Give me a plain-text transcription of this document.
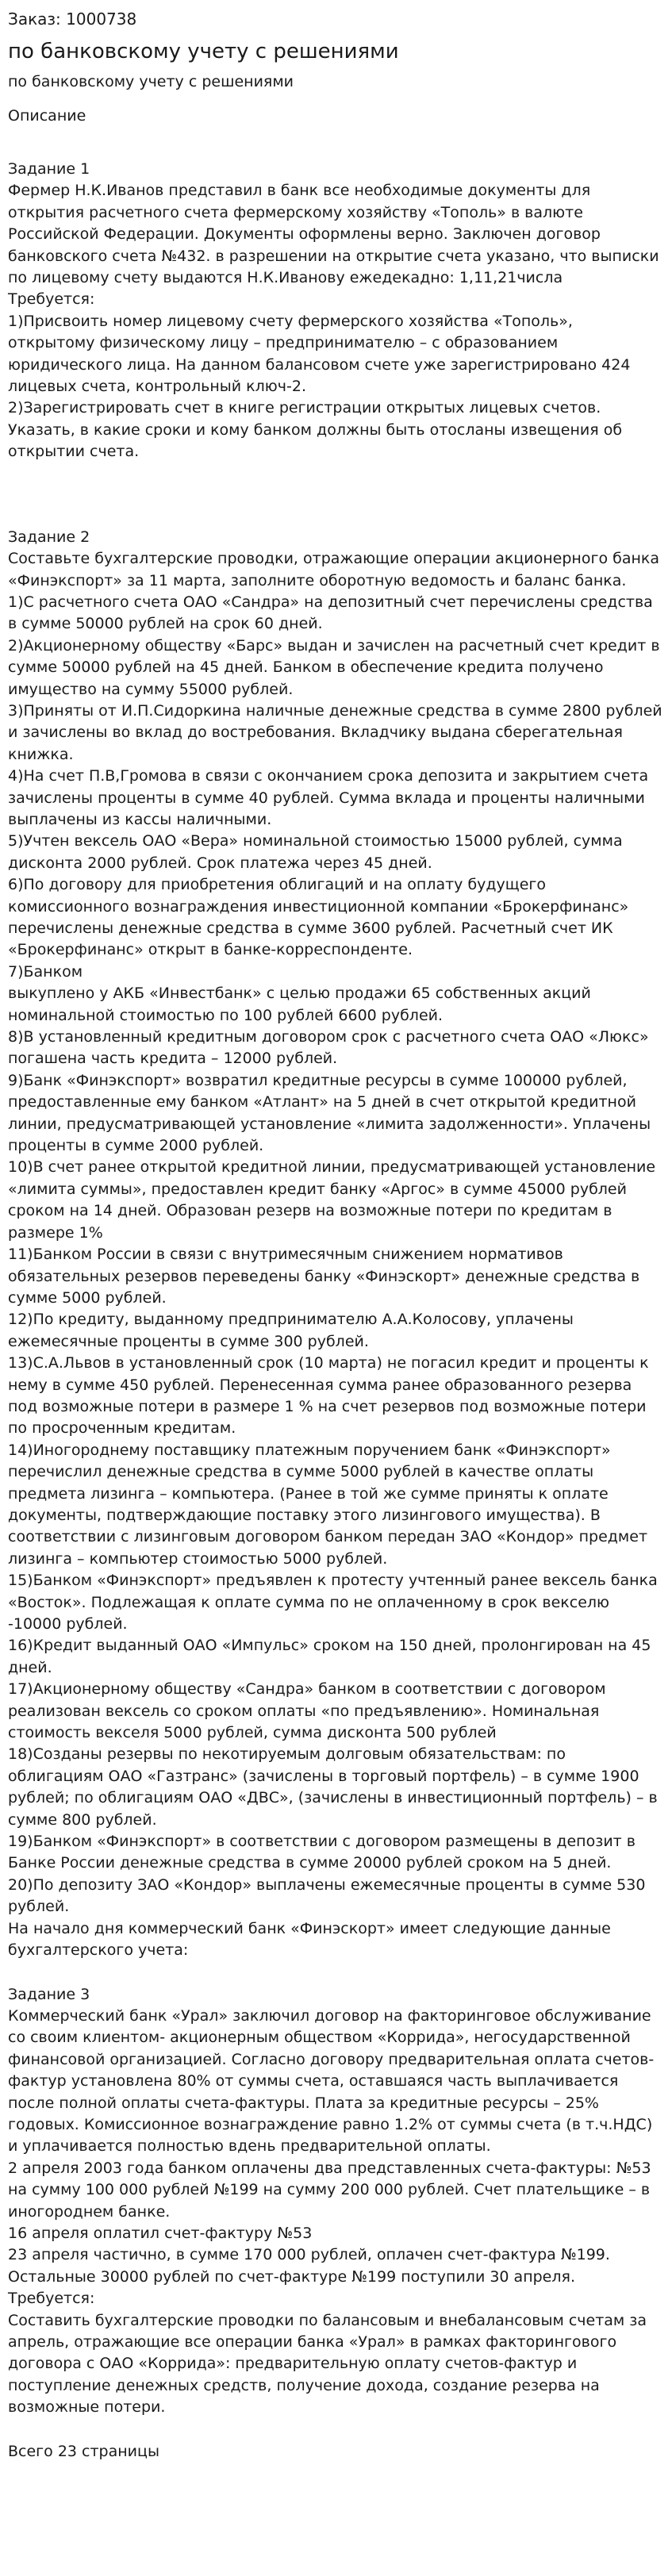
Заказ: 1000738
по банковскому учету с решениями
по банковскому учету с решениями
Описание
Задание 1
Фермер Н.К.Иванов представил в банк все необходимые документы для открытия расчетного счета фермерскому хозяйству «Тополь» в валюте Российской Федерации. Документы оформлены верно. Заключен договор банковского счета №432. в разрешении на открытие счета указано, что выписки по лицевому счету выдаются Н.К.Иванову ежедекадно: 1,11,21числа
Требуется:
1)Присвоить номер лицевому счету фермерского хозяйства «Тополь», открытому физическому лицу – предпринимателю – с образованием юридического лица. На данном балансовом счете уже зарегистрировано 424 лицевых счета, контрольный ключ-2.
2)Зарегистрировать счет в книге регистрации открытых лицевых счетов. Указать, в какие сроки и кому банком должны быть отосланы извещения об открытии счета.
Задание 2
Составьте бухгалтерские проводки, отражающие операции акционерного банка «Финэкспорт» за 11 марта, заполните оборотную ведомость и баланс банка.
1)С расчетного счета ОАО «Сандра» на депозитный счет перечислены средства в сумме 50000 рублей на срок 60 дней.
2)Акционерному обществу «Барс» выдан и зачислен на расчетный счет кредит в сумме 50000 рублей на 45 дней. Банком в обеспечение кредита получено имущество на сумму 55000 рублей.
3)Приняты от И.П.Сидоркина наличные денежные средства в сумме 2800 рублей и зачислены во вклад до востребования. Вкладчику выдана сберегательная книжка.
4)На счет П.В,Громова в связи с окончанием срока депозита и закрытием счета зачислены проценты в сумме 40 рублей. Сумма вклада и проценты наличными выплачены из кассы наличными.
5)Учтен вексель ОАО «Вера» номинальной стоимостью 15000 рублей, сумма дисконта 2000 рублей. Срок платежа через 45 дней.
6)По договору для приобретения облигаций и на оплату будущего комиссионного вознаграждения инвестиционной компании «Брокерфинанс» перечислены денежные средства в сумме 3600 рублей. Расчетный счет ИК «Брокерфинанс» открыт в банке-корреспонденте.
7)Банком
выкуплено у АКБ «Инвестбанк» с целью продажи 65 собственных акций номинальной стоимостью по 100 рублей 6600 рублей.
8)В установленный кредитным договором срок с расчетного счета ОАО «Люкс» погашена часть кредита – 12000 рублей.
9)Банк «Финэкспорт» возвратил кредитные ресурсы в сумме 100000 рублей, предоставленные ему банком «Атлант» на 5 дней в счет открытой кредитной линии, предусматривающей установление «лимита задолженности». Уплачены проценты в сумме 2000 рублей.
10)В счет ранее открытой кредитной линии, предусматривающей установление «лимита суммы», предоставлен кредит банку «Аргос» в сумме 45000 рублей сроком на 14 дней. Образован резерв на возможные потери по кредитам в размере 1%
11)Банком России в связи с внутримесячным снижением нормативов обязательных резервов переведены банку «Финэскорт» денежные средства в сумме 5000 рублей.
12)По кредиту, выданному предпринимателю А.А.Колосову, уплачены ежемесячные проценты в сумме 300 рублей.
13)С.А.Львов в установленный срок (10 марта) не погасил кредит и проценты к нему в сумме 450 рублей. Перенесенная сумма ранее образованного резерва под возможные потери в размере 1 % на счет резервов под возможные потери по просроченным кредитам.
14)Иногороднему поставщику платежным поручением банк «Финэкспорт» перечислил денежные средства в сумме 5000 рублей в качестве оплаты предмета лизинга – компьютера. (Ранее в той же сумме приняты к оплате документы, подтверждающие поставку этого лизингового имущества). В соответствии с лизинговым договором банком передан ЗАО «Кондор» предмет лизинга – компьютер стоимостью 5000 рублей.
15)Банком «Финэкспорт» предъявлен к протесту учтенный ранее вексель банка «Восток». Подлежащая к оплате сумма по не оплаченному в срок векселю -10000 рублей.
16)Кредит выданный ОАО «Импульс» сроком на 150 дней, пролонгирован на 45 дней.
17)Акционерному обществу «Сандра» банком в соответствии с договором реализован вексель со сроком оплаты «по предъявлению». Номинальная стоимость векселя 5000 рублей, сумма дисконта 500 рублей
18)Созданы резервы по некотируемым долговым обязательствам: по облигациям ОАО «Газтранс» (зачислены в торговый портфель) – в сумме 1900 рублей; по облигациям ОАО «ДВС», (зачислены в инвестиционный портфель) – в сумме 800 рублей.
19)Банком «Финэкспорт» в соответствии с договором размещены в депозит в Банке России денежные средства в сумме 20000 рублей сроком на 5 дней.
20)По депозиту ЗАО «Кондор» выплачены ежемесячные проценты в сумме 530 рублей.
На начало дня коммерческий банк «Финэскорт» имеет следующие данные бухгалтерского учета:
Задание 3
Коммерческий банк «Урал» заключил договор на факторинговое обслуживание со своим клиентом- акционерным обществом «Коррида», негосударственной финансовой организацией. Согласно договору предварительная оплата счетов-фактур установлена 80% от суммы счета, оставшаяся часть выплачивается после полной оплаты счета-фактуры. Плата за кредитные ресурсы – 25% годовых. Комиссионное вознаграждение равно 1.2% от суммы счета (в т.ч.НДС) и уплачивается полностью вдень предварительной оплаты.
2 апреля 2003 года банком оплачены два представленных счета-фактуры: №53 на сумму 100 000 рублей №199 на сумму 200 000 рублей. Счет плательщике – в иногороднем банке.
16 апреля оплатил счет-фактуру №53
23 апреля частично, в сумме 170 000 рублей, оплачен счет-фактура №199. Остальные 30000 рублей по счет-фактуре №199 поступили 30 апреля.
Требуется:
Составить бухгалтерские проводки по балансовым и внебалансовым счетам за апрель, отражающие все операции банка «Урал» в рамках факторингового договора с ОАО «Коррида»: предварительную оплату счетов-фактур и поступление денежных средств, получение дохода, создание резерва на возможные потери.
Всего 23 страницы
